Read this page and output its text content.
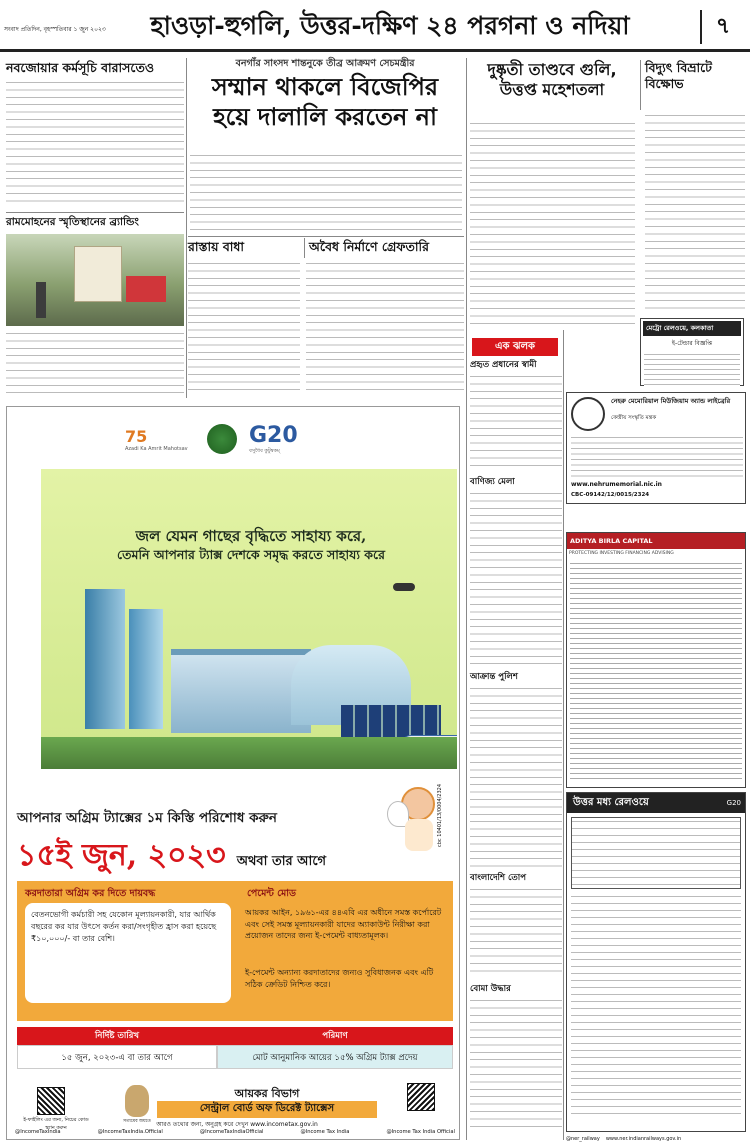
সংবাদ প্রতিদিন, বৃহস্পতিবার ১ জুন ২০২৩	হাওড়া-হুগলি, উত্তর-দক্ষিণ ২৪ পরগনা ও নদিয়া	৭
নবজোয়ার কর্মসূচি বারাসতেও	বনগাঁর সাংসদ শান্তনুকে তীব্র আক্রমণ সেচমন্ত্রীর
সম্মান থাকলে বিজেপির
হয়ে দালালি করতেন না
দুষ্কৃতী তাণ্ডবে গুলি,
উত্তপ্ত মহেশতলা
বিদ্যুৎ বিভ্রাটে
বিক্ষোভ
মেট্রো রেলওয়ে, কলকাতা
ই-টেন্ডার বিজ্ঞপ্তি
রামমোহনের স্মৃতিস্থানের ব্র্যান্ডিং
রাস্তায় বাধা	অবৈধ নির্মাণে গ্রেফতারি
এক ঝলক
প্রহৃত প্রধানের স্বামী
বাণিজ্য মেলা
আক্রান্ত পুলিশ
বাংলাদেশি তোপ
বোমা উদ্ধার
নেহরু মেমোরিয়াল মিউজিয়াম অ্যান্ড লাইব্রেরি
কেন্দ্রীয় সংস্কৃতি মন্ত্রক
www.nehrumemorial.nic.in
CBC-09142/12/0015/2324
ADITYA BIRLA CAPITAL
PROTECTING INVESTING FINANCING ADVISING
উত্তর মধ্য রেলওয়ে	G20
@ner_railway www.ner.indianrailways.gov.in
75
Azadi Ka Amrit Mahotsav
G20
বসুধৈব কুটুম্বকম্
জল যেমন গাছের বৃদ্ধিতে সাহায্য করে,
তেমনি আপনার ট্যাক্স দেশকে সমৃদ্ধ করতে সাহায্য করে
আপনার অগ্রিম ট্যাক্সের ১ম কিস্তি পরিশোধ করুন
১৫ই জুন, ২০২৩ অথবা তার আগে
করদাতারা অগ্রিম কর দিতে দায়বদ্ধ	পেমেন্ট মোড
বেতনভোগী কর্মচারী সহ যেকোন মূল্যায়নকারী, যার আর্থিক বছরের কর যার উৎসে কর্তন করা/সংগৃহীত হ্রাস করা হয়েছে ₹১০,০০০/- বা তার বেশি।
আয়কর আইন, ১৯৬১-এর ৪৪এবি এর অধীনে সমস্ত কর্পোরেট এবং সেই সমস্ত মূল্যায়নকারী যাদের অ্যাকাউন্ট নিরীক্ষা করা প্রয়োজন তাদের জন্য ই-পেমেন্ট বাধ্যতামূলক।
ই-পেমেন্ট অন্যান্য করদাতাদের জন্যও সুবিধাজনক এবং এটি সঠিক ক্রেডিট নিশ্চিত করে।
নির্দিষ্ট তারিখ	পরিমাণ
১৫ জুন, ২০২৩-এ বা তার আগে	মোট আনুমানিক আয়ের ১৫% অগ্রিম ট্যাক্স প্রদেয়
ই-ফাইলিং এর জন্য, নিচের কোড স্ক্যান করুন
সত্যমেব জয়তে
আয়কর বিভাগ
সেন্ট্রাল বোর্ড অফ ডিরেক্ট ট্যাক্সেস
আরও তথ্যের জন্য, অনুগ্রহ করে দেখুন www.incometax.gov.in
@IncomeTaxIndia	@IncomeTaxIndia.Official	@IncomeTaxIndiaOfficial	@Income Tax India	@Income Tax India Official
cbc 10401/13/0004/2324
